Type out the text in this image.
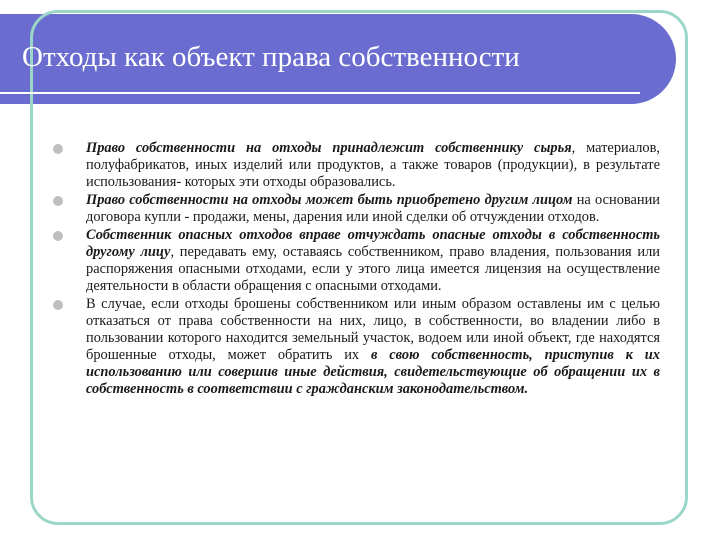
Отходы как объект права собственности
Право собственности на отходы принадлежит собственнику сырья, материалов, полуфабрикатов, иных изделий или продуктов, а также товаров (продукции), в результате использования- которых эти отходы образовались.
Право собственности на отходы может быть приобретено другим лицом на основании договора купли - продажи, мены, дарения или иной сделки об отчуждении отходов.
Собственник опасных отходов вправе отчуждать опасные отходы в собственность другому лицу, передавать ему, оставаясь собственником, право владения, пользования или распоряжения опасными отходами, если у этого лица имеется лицензия на осуществление деятельности в области обращения с опасными отходами.
В случае, если отходы брошены собственником или иным образом оставлены им с целью отказаться от права собственности на них, лицо, в собственности, во владении либо в пользовании которого находится земельный участок, водоем или иной объект, где находятся брошенные отходы, может обратить их в свою собственность, приступив к их использованию или совершив иные действия, свидетельствующие об обращении их в собственность в соответствии с гражданским законодательством.
